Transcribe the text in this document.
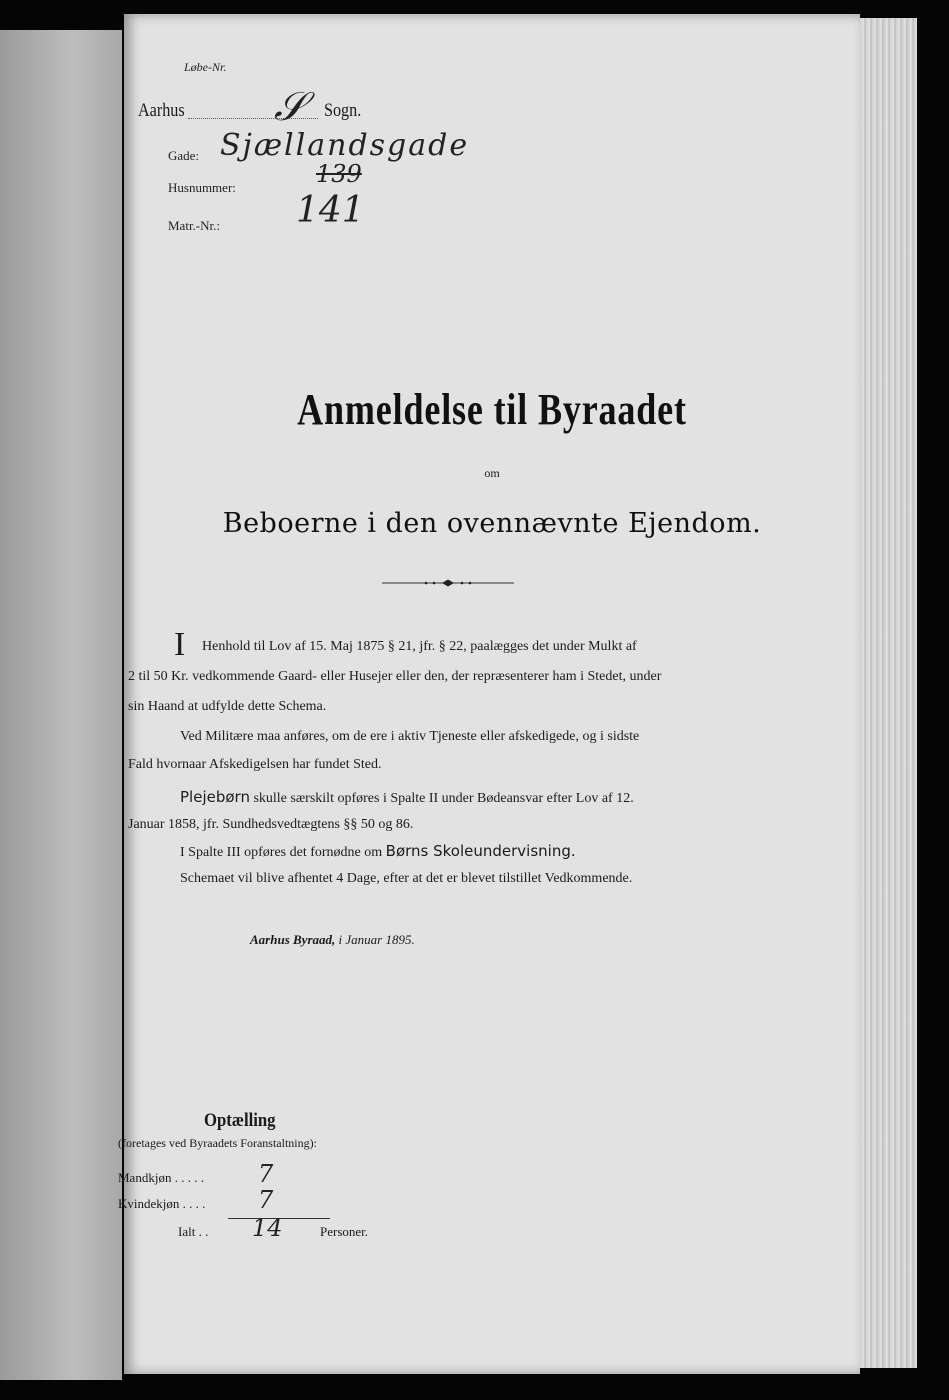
Løbe-Nr.
Aarhus 𝒮 Sogn.
Gade: Sjællandsgade
Husnummer:	139
141
Matr.-Nr.:
Anmeldelse til Byraadet
om
Beboerne i den ovennævnte Ejendom.
I Henhold til Lov af 15. Maj 1875 § 21, jfr. § 22, paalægges det under Mulkt af
2 til 50 Kr. vedkommende Gaard- eller Husejer eller den, der repræsenterer ham i Stedet, under
sin Haand at udfylde dette Schema.
Ved Militære maa anføres, om de ere i aktiv Tjeneste eller afskedigede, og i sidste
Fald hvornaar Afskedigelsen har fundet Sted.
Plejebørn skulle særskilt opføres i Spalte II under Bødeansvar efter Lov af 12.
Januar 1858, jfr. Sundhedsvedtægtens §§ 50 og 86.
I Spalte III opføres det fornødne om Børns Skoleundervisning.
Schemaet vil blive afhentet 4 Dage, efter at det er blevet tilstillet Vedkommende.
Aarhus Byraad, i Januar 1895.
Optælling
(foretages ved Byraadets Foranstaltning):
Mandkjøn . . . . . 7
Kvindekjøn . . . . 7
Ialt . . 14	Personer.
